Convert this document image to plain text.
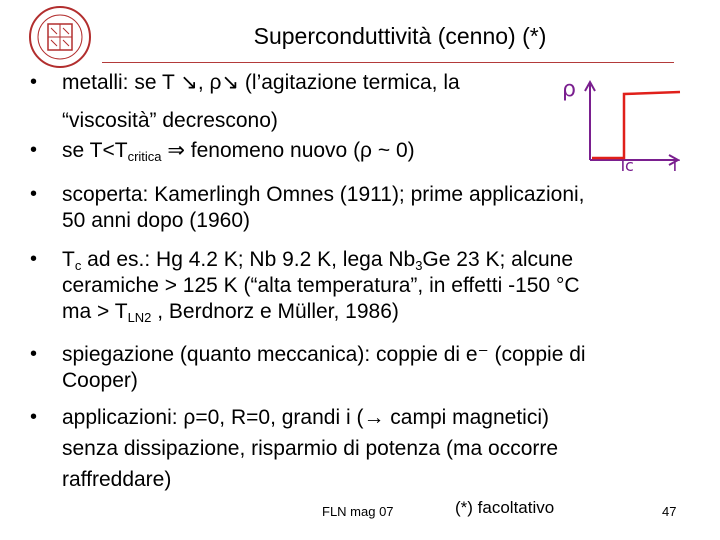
Superconduttività (cenno) (*)
• metalli: se T ↘, ρ↘ (l’agitazione termica, la
“viscosità” decrescono)
• se $T<T_{critica}$ ⇒ fenomeno nuovo (ρ ~ 0)
ρ
Tc T
• scoperta: Kamerlingh Omnes (1911); prime applicazioni,
50 anni dopo (1960)
• $T_c$ ad es.: Hg 4.2 K; Nb 9.2 K, lega $Nb_3Ge$ 23 K; alcune
ceramiche > 125 K (“alta temperatura”, in effetti -150 °C
ma > $T_{LN2}$ , Berdnorz e Müller, 1986)
• spiegazione (quanto meccanica): coppie di e⁻ (coppie di
Cooper)
• applicazioni: ρ=0, R=0, grandi i (→ campi magnetici)
senza dissipazione, risparmio di potenza (ma occorre
raffreddare)
FLN mag 07	(*) facoltativo	47
